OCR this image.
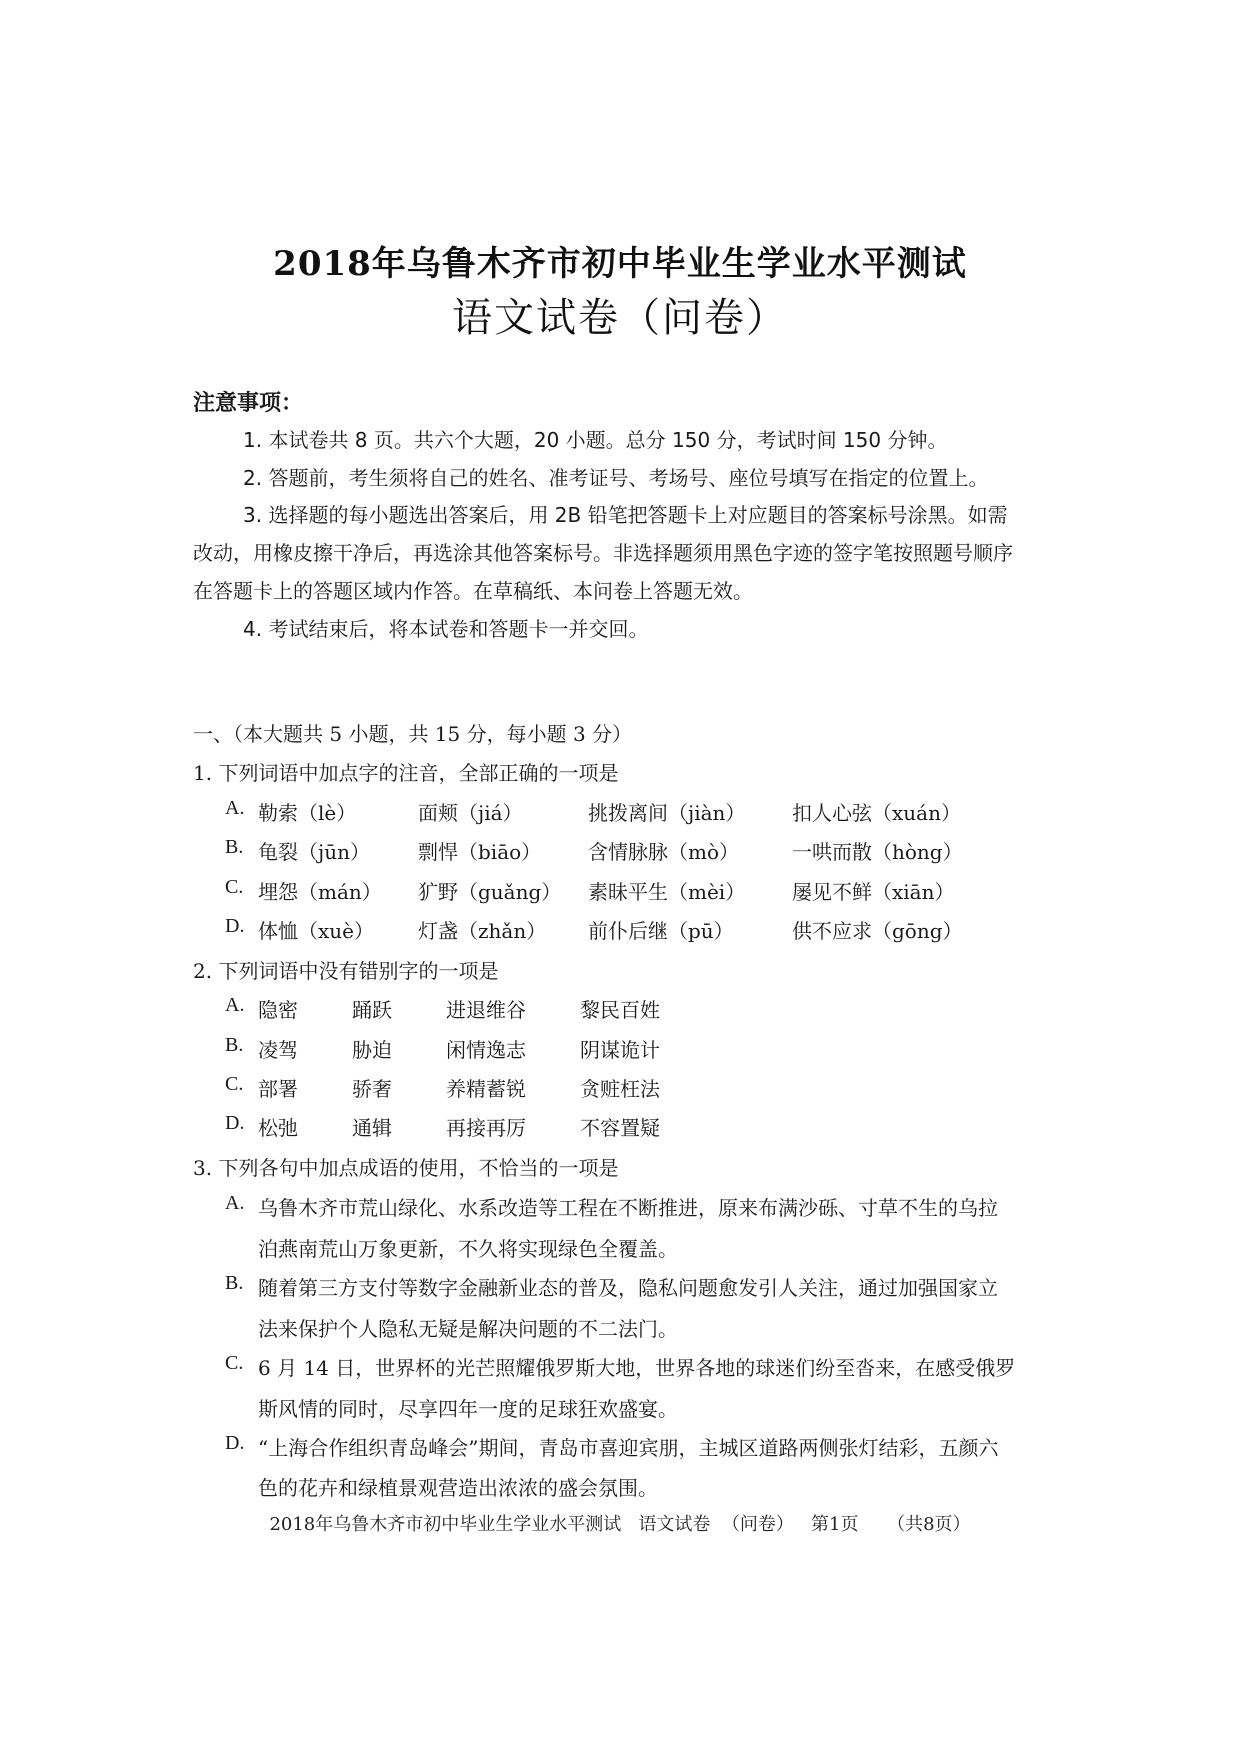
2018年乌鲁木齐市初中毕业生学业水平测试
语文试卷（问卷）
注意事项：
1. 本试卷共 8 页。共六个大题，20 小题。总分 150 分，考试时间 150 分钟。
2. 答题前，考生须将自己的姓名、准考证号、考场号、座位号填写在指定的位置上。
3. 选择题的每小题选出答案后，用 2B 铅笔把答题卡上对应题目的答案标号涂黑。如需
改动，用橡皮擦干净后，再选涂其他答案标号。非选择题须用黑色字迹的签字笔按照题号顺序
在答题卡上的答题区域内作答。在草稿纸、本问卷上答题无效。
4. 考试结束后，将本试卷和答题卡一并交回。
一、（本大题共 5 小题，共 15 分，每小题 3 分）
1. 下列词语中加点字的注音，全部正确的一项是
A. 勒索（lè）	面颊（jiá）	挑拨离间（jiàn） 扣人心弦（xuán）
B. 龟裂（jūn） 剽悍（biāo） 含情脉脉（mò）	一哄而散（hòng）
C. 埋怨（mán） 犷野（guǎng） 素昧平生（mèi） 屡见不鲜（xiān）
D. 体恤（xuè） 灯盏（zhǎn） 前仆后继（pū）	供不应求（gōng）
2. 下列词语中没有错别字的一项是
A. 隐密	踊跃	进退维谷	黎民百姓
B. 凌驾	胁迫	闲情逸志	阴谋诡计
C. 部署	骄奢	养精蓄锐	贪赃枉法
D. 松弛	通辑	再接再厉	不容置疑
3. 下列各句中加点成语的使用，不恰当的一项是
A. 乌鲁木齐市荒山绿化、水系改造等工程在不断推进，原来布满沙砾、寸草不生的乌拉
泊燕南荒山万象更新，不久将实现绿色全覆盖。
B. 随着第三方支付等数字金融新业态的普及，隐私问题愈发引人关注，通过加强国家立
法来保护个人隐私无疑是解决问题的不二法门。
C. 6 月 14 日，世界杯的光芒照耀俄罗斯大地，世界各地的球迷们纷至沓来，在感受俄罗
斯风情的同时，尽享四年一度的足球狂欢盛宴。
D. “上海合作组织青岛峰会”期间，青岛市喜迎宾朋，主城区道路两侧张灯结彩，五颜六
色的花卉和绿植景观营造出浓浓的盛会氛围。
2018年乌鲁木齐市初中毕业生学业水平测试   语文试卷  （问卷）   第1页     （共8页）
